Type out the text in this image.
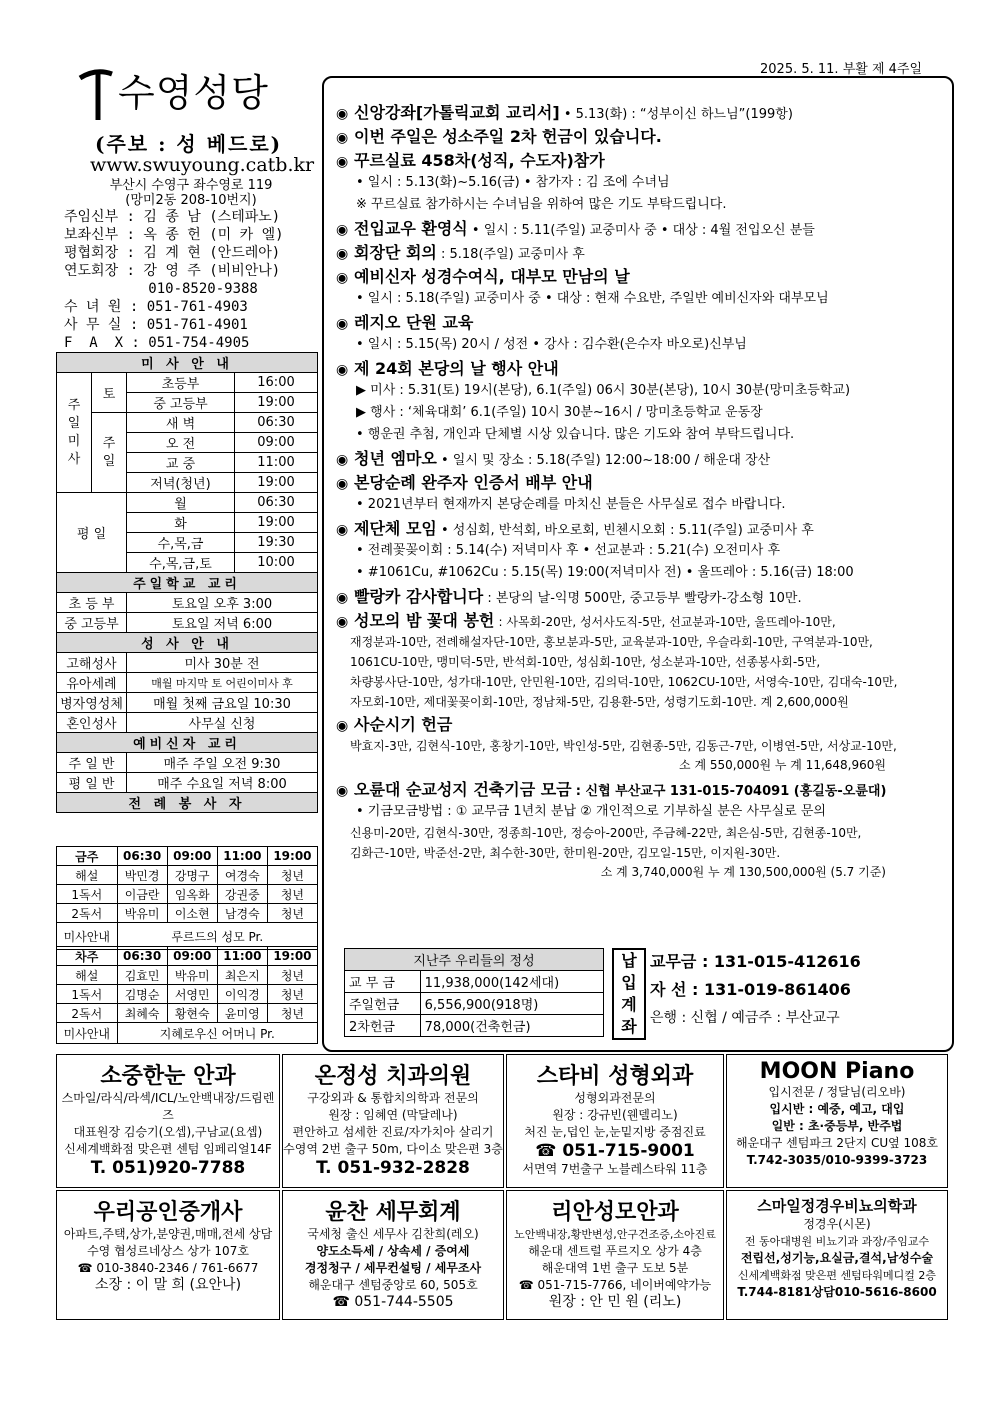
2025. 5. 11. 부활 제 4주일
수영성당
(주보 : 성 베드로)
www.swuyoung.catb.kr
부산시 수영구 좌수영로 119
(망미2동 208-10번지)
주임신부 : 김 종 남 (스테파노)
보좌신부 : 옥 종 헌 (미 카 엘)
평협회장 : 김 계 현 (안드레아)
연도회장 : 강 영 주 (비비안나)
010-8520-9388
수 녀 원 : 051-761-4903
사 무 실 : 051-761-4901
F  A  X : 051-754-4905
미 사 안 내			
주
일
미
사	토	초등부	16:00
		중 고등부	19:00
	주
일	새 벽	06:30
		오 전	09:00
		교 중	11:00
		저녁(청년)	19:00
평 일		월	06:30
		화	19:00
		수,목,금	19:30
		수,목,금,토	10:00
주일학교 교리			
초 등 부		토요일 오후 3:00	
중 고등부		토요일 저녁 6:00	
성 사 안 내			
고해성사		미사 30분 전	
유아세례		매월 마지막 토 어린이미사 후	
병자영성체		매월 첫째 금요일 10:30	
혼인성사		사무실 신청	
예비신자 교리			
주 일 반		매주 주일 오전 9:30	
평 일 반		매주 수요일 저녁 8:00	
전 례 봉 사 자			
금주	06:30	09:00	11:00	19:00
해설	박민경	강명구	여경숙	청년
1독서	이금란	임옥화	강권중	청년
2독서	박유미	이소현	남경숙	청년
미사안내	루르드의 성모 Pr.			
차주	06:30	09:00	11:00	19:00
해설	김효민	박유미	최은지	청년
1독서	김명순	서영민	이익경	청년
2독서	최혜숙	황현숙	윤미영	청년
미사안내	지혜로우신 어머니 Pr.			
◉ 신앙강좌[가톨릭교회 교리서] • 5.13(화) : “성부이신 하느님”(199항)
◉ 이번 주일은 성소주일 2차 헌금이 있습니다.
◉ 꾸르실료 458차(성직, 수도자)참가
• 일시 : 5.13(화)~5.16(금) • 참가자 : 김 조에 수녀님
※ 꾸르실료 참가하시는 수녀님을 위하여 많은 기도 부탁드립니다.
◉ 전입교우 환영식 • 일시 : 5.11(주일) 교중미사 중 • 대상 : 4월 전입오신 분들
◉ 회장단 회의 : 5.18(주일) 교중미사 후
◉ 예비신자 성경수여식, 대부모 만남의 날
• 일시 : 5.18(주일) 교중미사 중 • 대상 : 현재 수요반, 주일반 예비신자와 대부모님
◉ 레지오 단원 교육
• 일시 : 5.15(목) 20시 / 성전 • 강사 : 김수환(은수자 바오로)신부님
◉ 제 24회 본당의 날 행사 안내
▶ 미사 : 5.31(토) 19시(본당), 6.1(주일) 06시 30분(본당), 10시 30분(망미초등학교)
▶ 행사 : ‘체육대회’ 6.1(주일) 10시 30분~16시 / 망미초등학교 운동장
• 행운권 추첨, 개인과 단체별 시상 있습니다. 많은 기도와 참여 부탁드립니다.
◉ 청년 엠마오 • 일시 및 장소 : 5.18(주일) 12:00~18:00 / 해운대 장산
◉ 본당순례 완주자 인증서 배부 안내
• 2021년부터 현재까지 본당순례를 마치신 분들은 사무실로 접수 바랍니다.
◉ 제단체 모임 • 성심회, 반석회, 바오로회, 빈첸시오회 : 5.11(주일) 교중미사 후
• 전례꽃꽂이회 : 5.14(수) 저녁미사 후 • 선교분과 : 5.21(수) 오전미사 후
• #1061Cu, #1062Cu : 5.15(목) 19:00(저녁미사 전) • 울뜨레아 : 5.16(금) 18:00
◉ 빨랑카 감사합니다 : 본당의 날-익명 500만, 중고등부 빨랑카-강소형 10만.
◉ 성모의 밤 꽃대 봉헌 : 사목회-20만, 성서사도직-5만, 선교분과-10만, 울뜨레아-10만,
재정분과-10만, 전례해설자단-10만, 홍보분과-5만, 교육분과-10만, 우슬라회-10만, 구역분과-10만,
1061CU-10만, 맹미덕-5만, 반석회-10만, 성심회-10만, 성소분과-10만, 선종봉사회-5만,
차량봉사단-10만, 성가대-10만, 안민원-10만, 김의덕-10만, 1062CU-10만, 서영숙-10만, 김대숙-10만,
자모회-10만, 제대꽃꽂이회-10만, 정남채-5만, 김용환-5만, 성령기도회-10만. 계 2,600,000원
◉ 사순시기 헌금
박효지-3만, 김현식-10만, 홍창기-10만, 박인성-5만, 김현종-5만, 김동근-7만, 이병연-5만, 서상교-10만,
소 계 550,000원 누 계 11,648,960원
◉ 오륜대 순교성지 건축기금 모금 : 신협 부산교구 131-015-704091 (홍길동-오륜대)
• 기금모금방법 : ① 교무금 1년치 분납 ② 개인적으로 기부하실 분은 사무실로 문의
신용미-20만, 김현식-30만, 정종희-10만, 정승아-200만, 주금혜-22만, 최은심-5만, 김현종-10만,
김화근-10만, 박준선-2만, 최수한-30만, 한미원-20만, 김모일-15만, 이지원-30만.
소 계 3,740,000원 누 계 130,500,000원 (5.7 기준)
지난주 우리들의 정성	
교 무 금	11,938,000(142세대)
주일헌금	6,556,900(918명)
2차헌금	78,000(건축헌금)
납입계좌
교무금 : 131-015-412616
자 선 : 131-019-861406
은행 : 신협 / 예금주 : 부산교구
소중한눈 안과
스마일/라식/라섹/ICL/노안백내장/드림렌즈
대표원장 김승기(오셉),구남교(요셉)
신세계백화점 맞은편 센텀 임페리얼14F
T. 051)920-7788
온정성 치과의원
구강외과 & 통합치의학과 전문의
원장 : 임혜연 (막달레나)
편안하고 섬세한 진료/자가치아 살리기
수영역 2번 출구 50m, 다이소 맞은편 3층
T. 051-932-2828
스타비 성형외과
성형외과전문의
원장 : 강규빈(웬델리노)
처진 눈,덥인 눈,눈밑지방 중점진료
☎ 051-715-9001
서면역 7번출구 노블레스타워 11층
MOON Piano
입시전문 / 정달님(리오바)
입시반 : 예중, 예고, 대입
일반 : 초·중등부, 반주법
해운대구 센텀파크 2단지 CU옆 108호
T.742-3035/010-9399-3723
우리공인중개사
아파트,주택,상가,분양권,매매,전세 상담
수영 협성르네상스 상가 107호
☎ 010-3840-2346 / 761-6677
소장 : 이 말 희 (요안나)
윤찬 세무회계
국세청 출신 세무사 김찬희(레오)
양도소득세 / 상속세 / 증여세
경정청구 / 세무컨설팅 / 세무조사
해운대구 센텀중앙로 60, 505호
☎ 051-744-5505
리안성모안과
노안백내장,황반변성,안구건조증,소아진료
해운대 센트럴 푸르지오 상가 4층
해운대역 1번 출구 도보 5분
☎ 051-715-7766, 네이버예약가능
원장 : 안 민 원 (리노)
스마일정경우비뇨의학과
정경우(시몬)
전 동아대병원 비뇨기과 과장/주임교수
전립선,성기능,요실금,결석,남성수술
신세계백화점 맞은편 센텀타워메디컬 2층
T.744-8181상담010-5616-8600
